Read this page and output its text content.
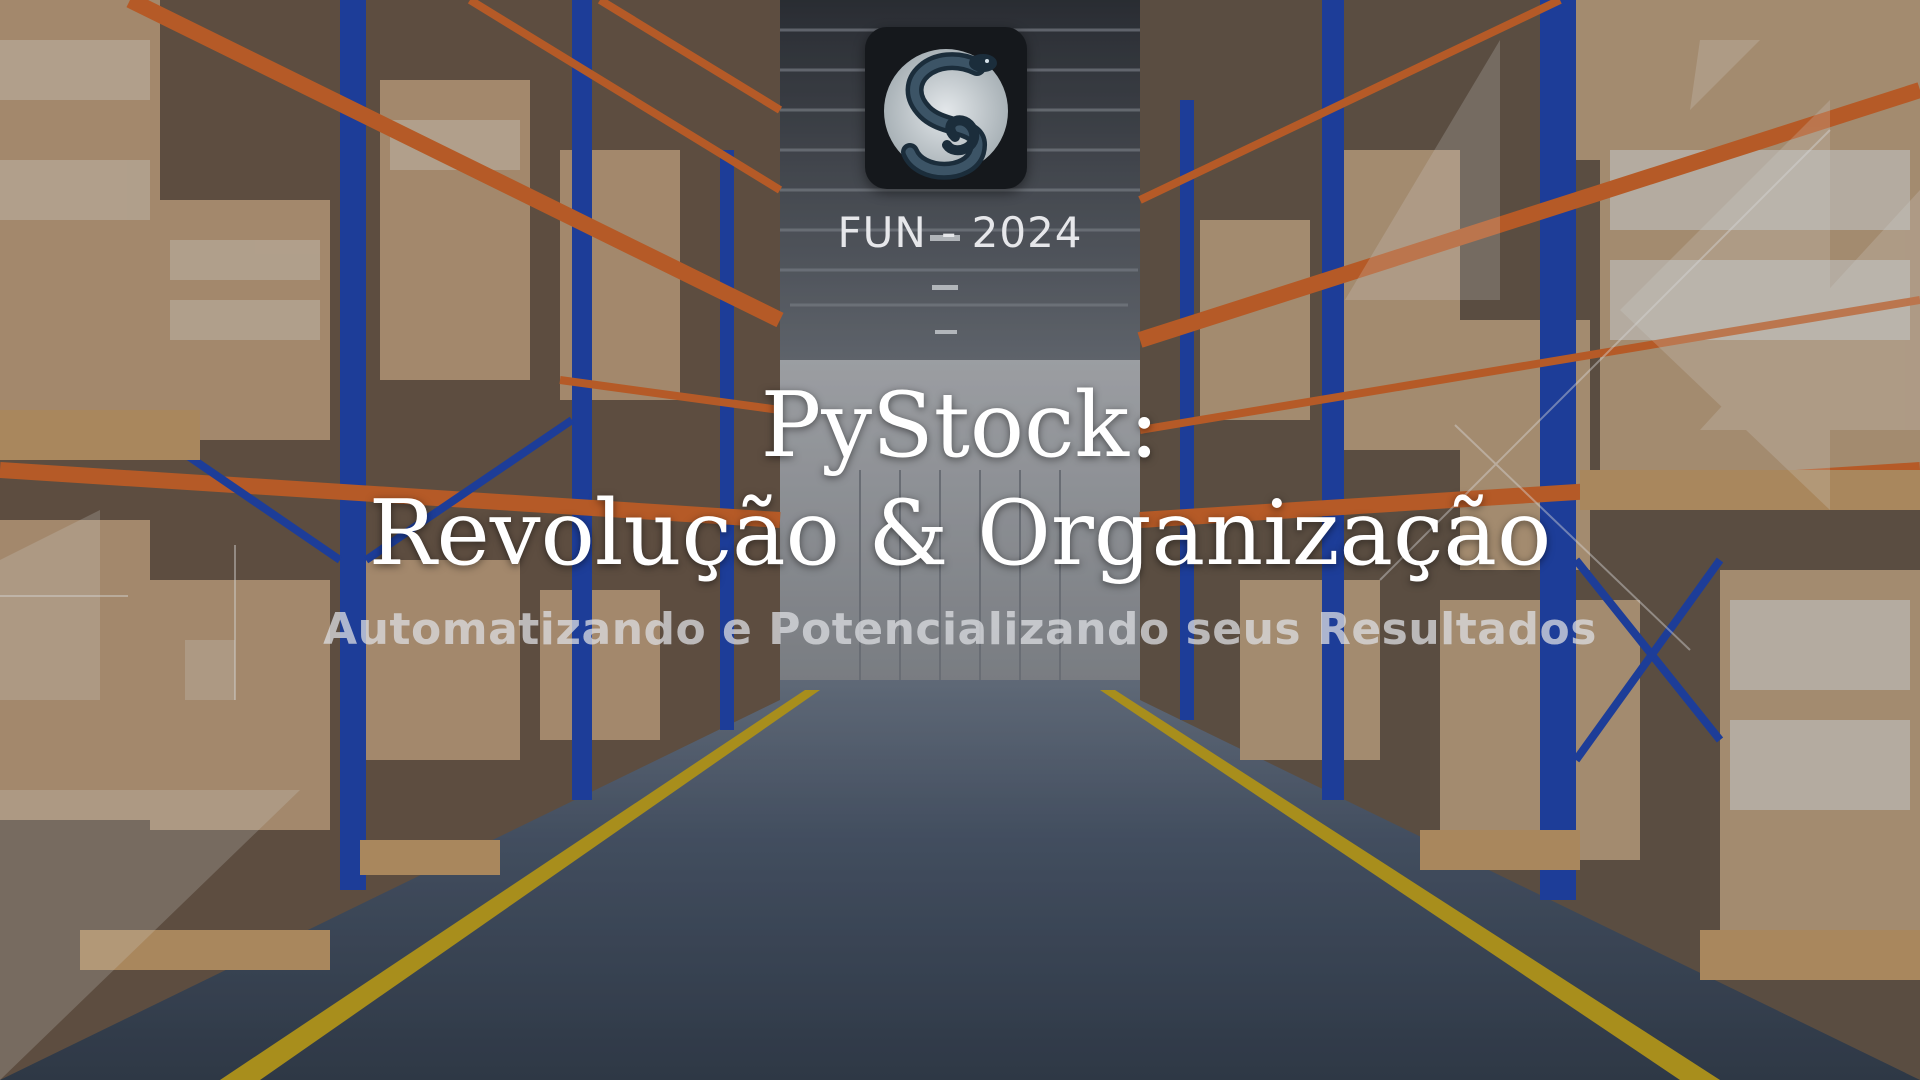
FUN - 2024
PyStock:
Revolução & Organização
Automatizando e Potencializando seus Resultados
